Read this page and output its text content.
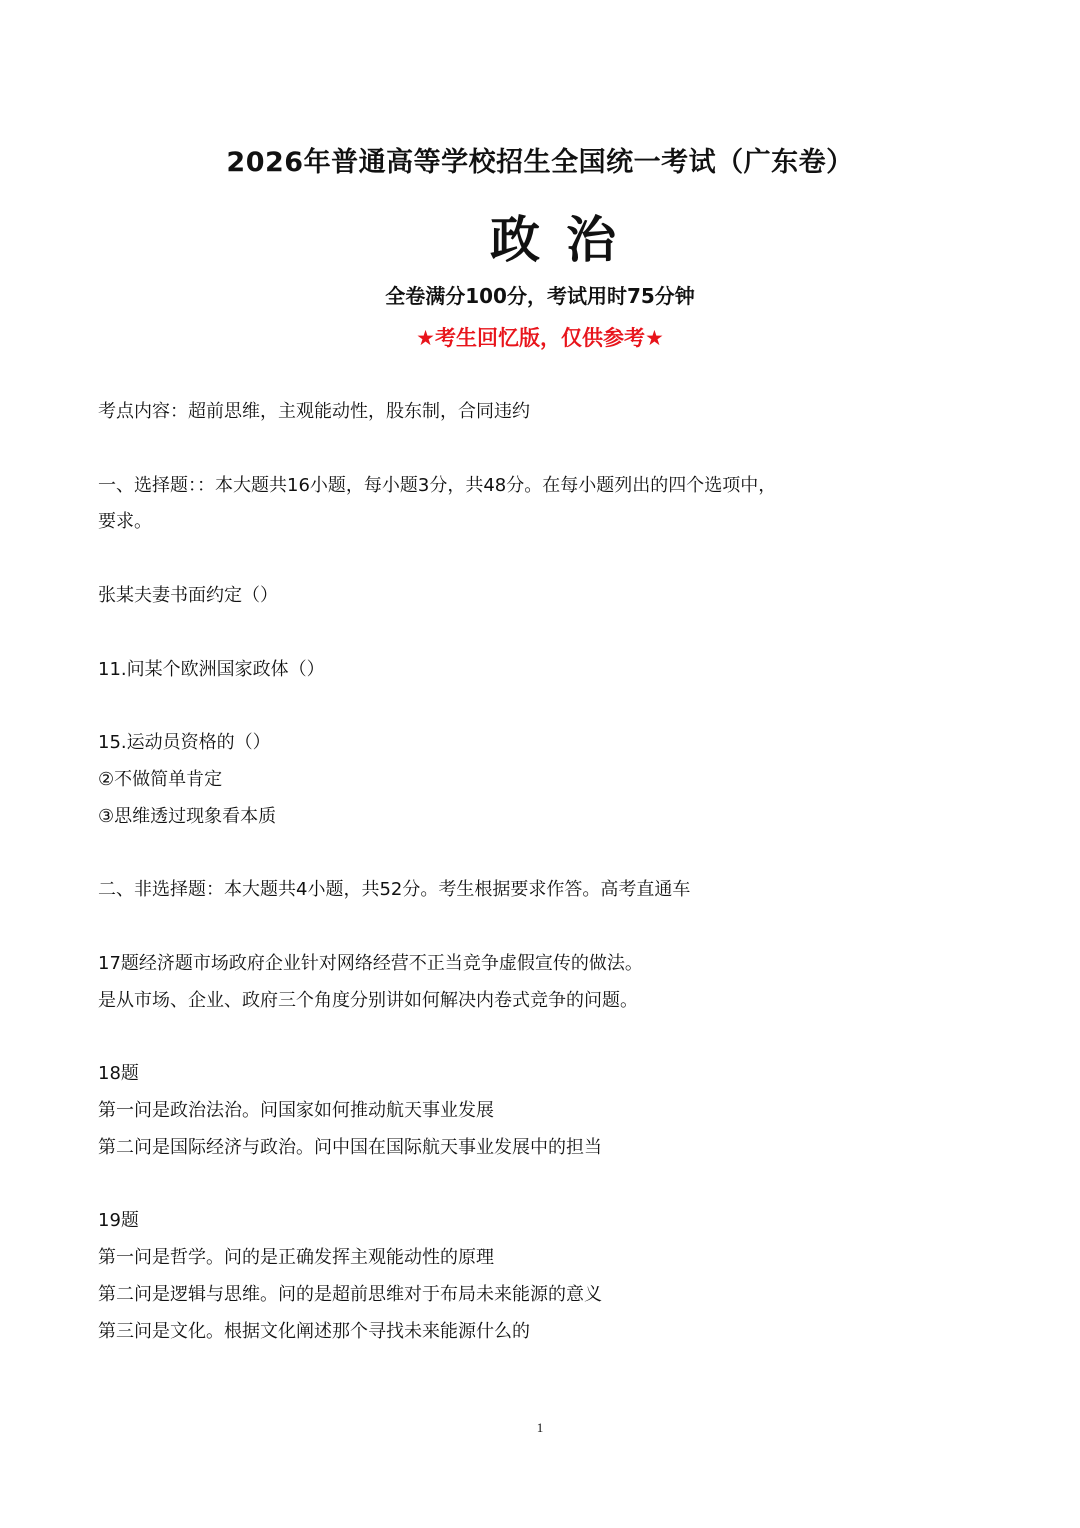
2026年普通高等学校招生全国统一考试（广东卷）
政治
全卷满分100分，考试用时75分钟
★考生回忆版，仅供参考★
考点内容：超前思维，主观能动性，股东制，合同违约
一、选择题：：本大题共16小题，每小题3分，共48分。在每小题列出的四个选项中，
要求。
张某夫妻书面约定（）
11.问某个欧洲国家政体（）
15.运动员资格的（）
②不做简单肯定
③思维透过现象看本质
二、非选择题：本大题共4小题，共52分。考生根据要求作答。高考直通车
17题经济题市场政府企业针对网络经营不正当竞争虚假宣传的做法。
是从市场、企业、政府三个角度分别讲如何解决内卷式竞争的问题。
18题
第一问是政治法治。问国家如何推动航天事业发展
第二问是国际经济与政治。问中国在国际航天事业发展中的担当
19题
第一问是哲学。问的是正确发挥主观能动性的原理
第二问是逻辑与思维。问的是超前思维对于布局未来能源的意义
第三问是文化。根据文化阐述那个寻找未来能源什么的
1
